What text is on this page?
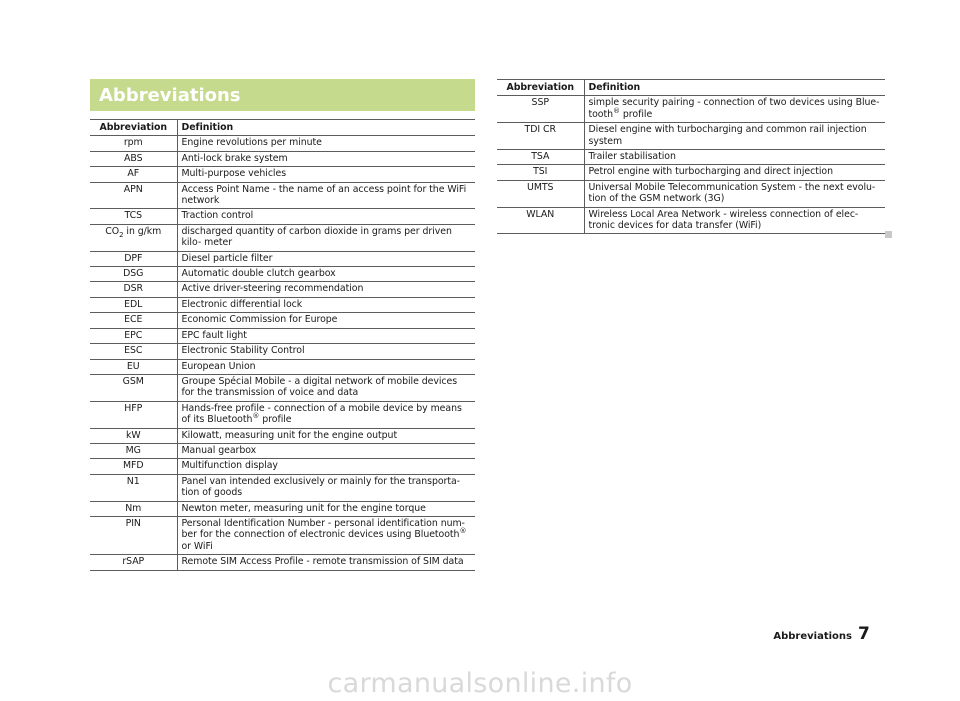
Abbreviations
Abbreviation	Definition
rpm	Engine revolutions per minute
ABS	Anti-lock brake system
AF	Multi-purpose vehicles
APN	Access Point Name - the name of an access point for the WiFi network
TCS	Traction control
$CO_2$ in g/km	discharged quantity of carbon dioxide in grams per driven kilo- meter
DPF	Diesel particle filter
DSG	Automatic double clutch gearbox
DSR	Active driver-steering recommendation
EDL	Electronic differential lock
ECE	Economic Commission for Europe
EPC	EPC fault light
ESC	Electronic Stability Control
EU	European Union
GSM	Groupe Spécial Mobile - a digital network of mobile devices for the transmission of voice and data
HFP	Hands-free profile - connection of a mobile device by means of its Bluetooth® profile
kW	Kilowatt, measuring unit for the engine output
MG	Manual gearbox
MFD	Multifunction display
N1	Panel van intended exclusively or mainly for the transporta- tion of goods
Nm	Newton meter, measuring unit for the engine torque
PIN	Personal Identification Number - personal identification num- ber for the connection of electronic devices using Bluetooth®
or WiFi
rSAP	Remote SIM Access Profile - remote transmission of SIM data
Abbreviation	Definition
SSP	simple security pairing - connection of two devices using Blue- tooth® profile
TDI CR	Diesel engine with turbocharging and common rail injection system
TSA	Trailer stabilisation
TSI	Petrol engine with turbocharging and direct injection
UMTS	Universal Mobile Telecommunication System - the next evolu- tion of the GSM network (3G)
WLAN	Wireless Local Area Network - wireless connection of elec- tronic devices for data transfer (WiFi)
Abbreviations 7
carmanualsonline.info
